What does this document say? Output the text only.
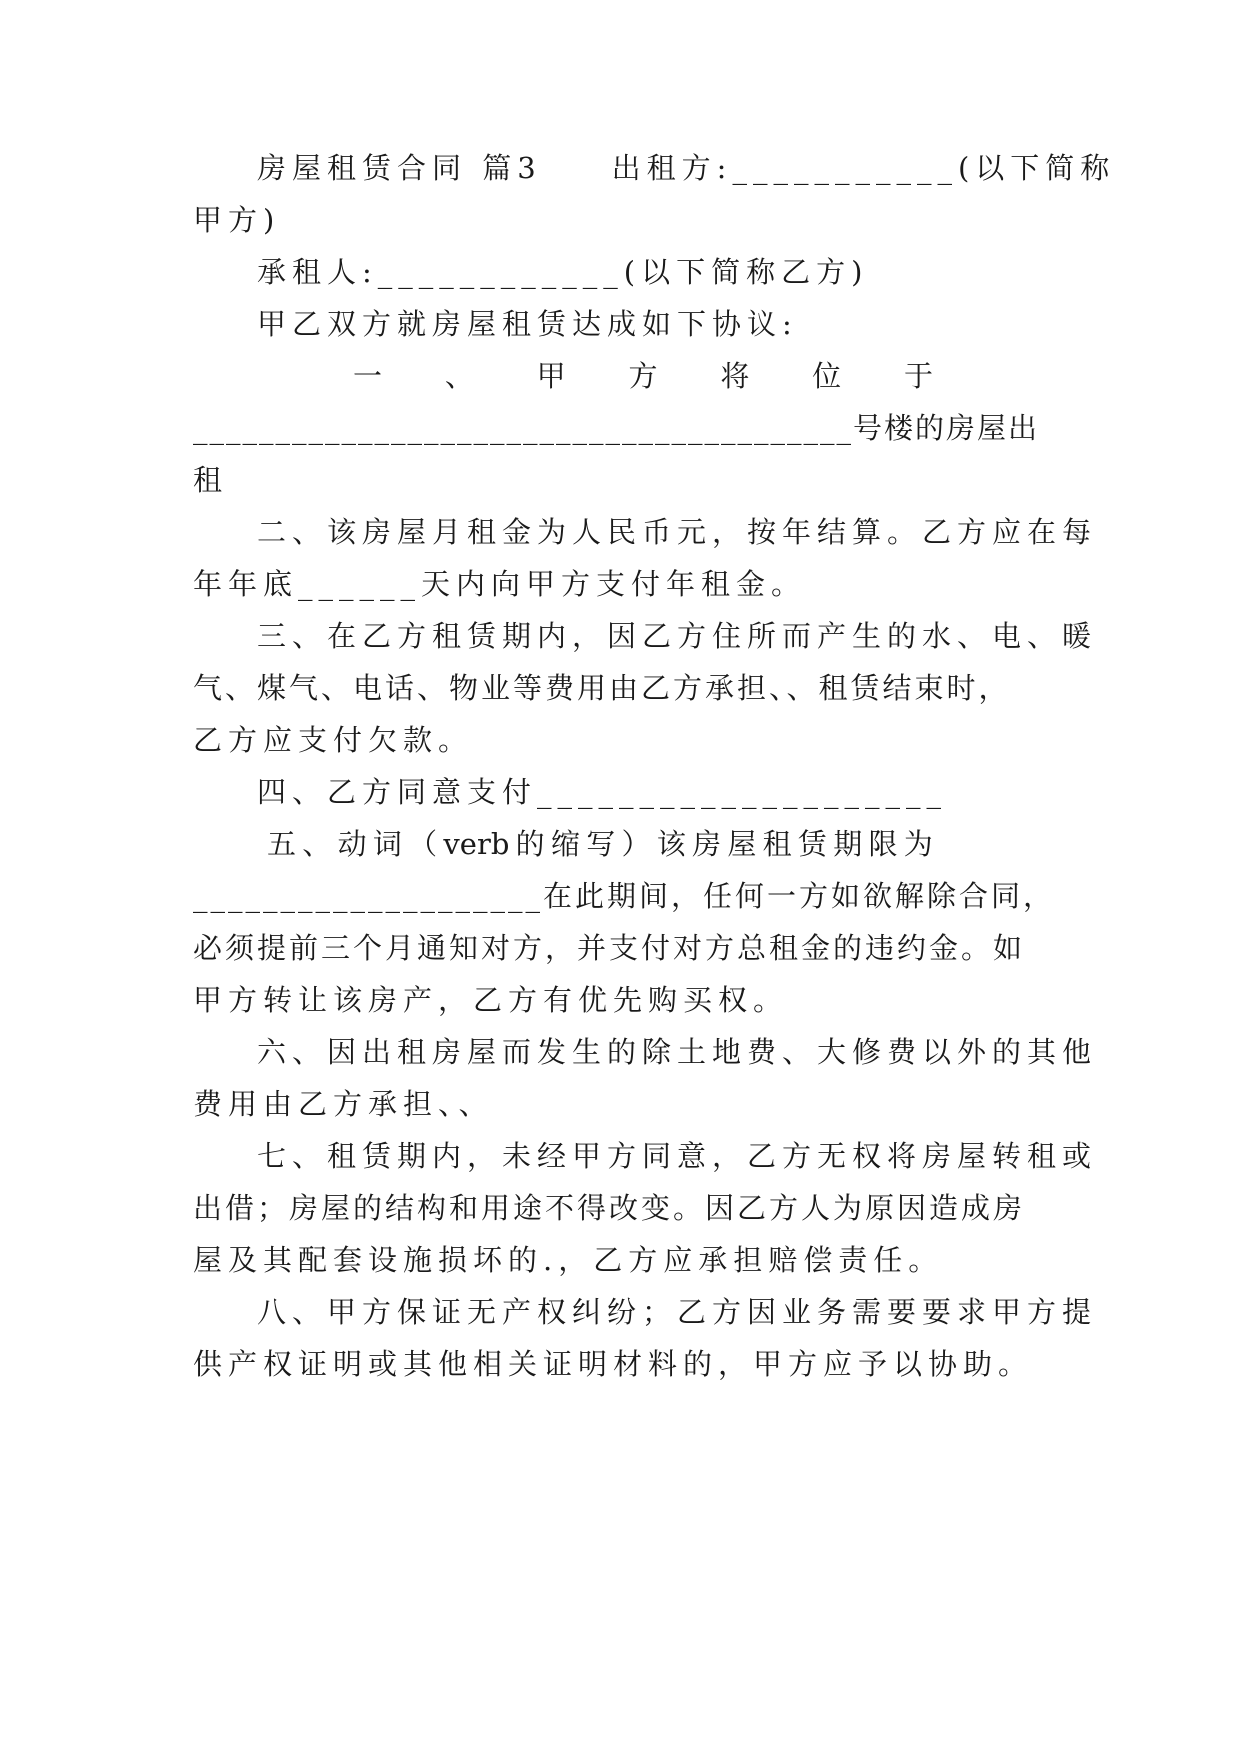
房屋租赁合同 篇3　　出租方:___________(以下简称
甲方)
承租人:____________(以下简称乙方)
甲乙双方就房屋租赁达成如下协议:
一 、 甲 方 将 位 于
________________________________________号楼的房屋出
租
二、该房屋月租金为人民币元，按年结算。乙方应在每
年年底______天内向甲方支付年租金。
三、在乙方租赁期内，因乙方住所而产生的水、电、暖
气、煤气、电话、物业等费用由乙方承担、、租赁结束时，
乙方应支付欠款。
四、乙方同意支付____________________
五 、 动 词 （ verb 的 缩 写 ） 该 房 屋 租 赁 期 限 为
____________________在此期间，任何一方如欲解除合同，
必须提前三个月通知对方，并支付对方总租金的违约金。如
甲方转让该房产，乙方有优先购买权。
六、因出租房屋而发生的除土地费、大修费以外的其他
费用由乙方承担、、
七、租赁期内，未经甲方同意，乙方无权将房屋转租或
出借；房屋的结构和用途不得改变。因乙方人为原因造成房
屋及其配套设施损坏的.，乙方应承担赔偿责任。
八、甲方保证无产权纠纷；乙方因业务需要要求甲方提
供产权证明或其他相关证明材料的，甲方应予以协助。
